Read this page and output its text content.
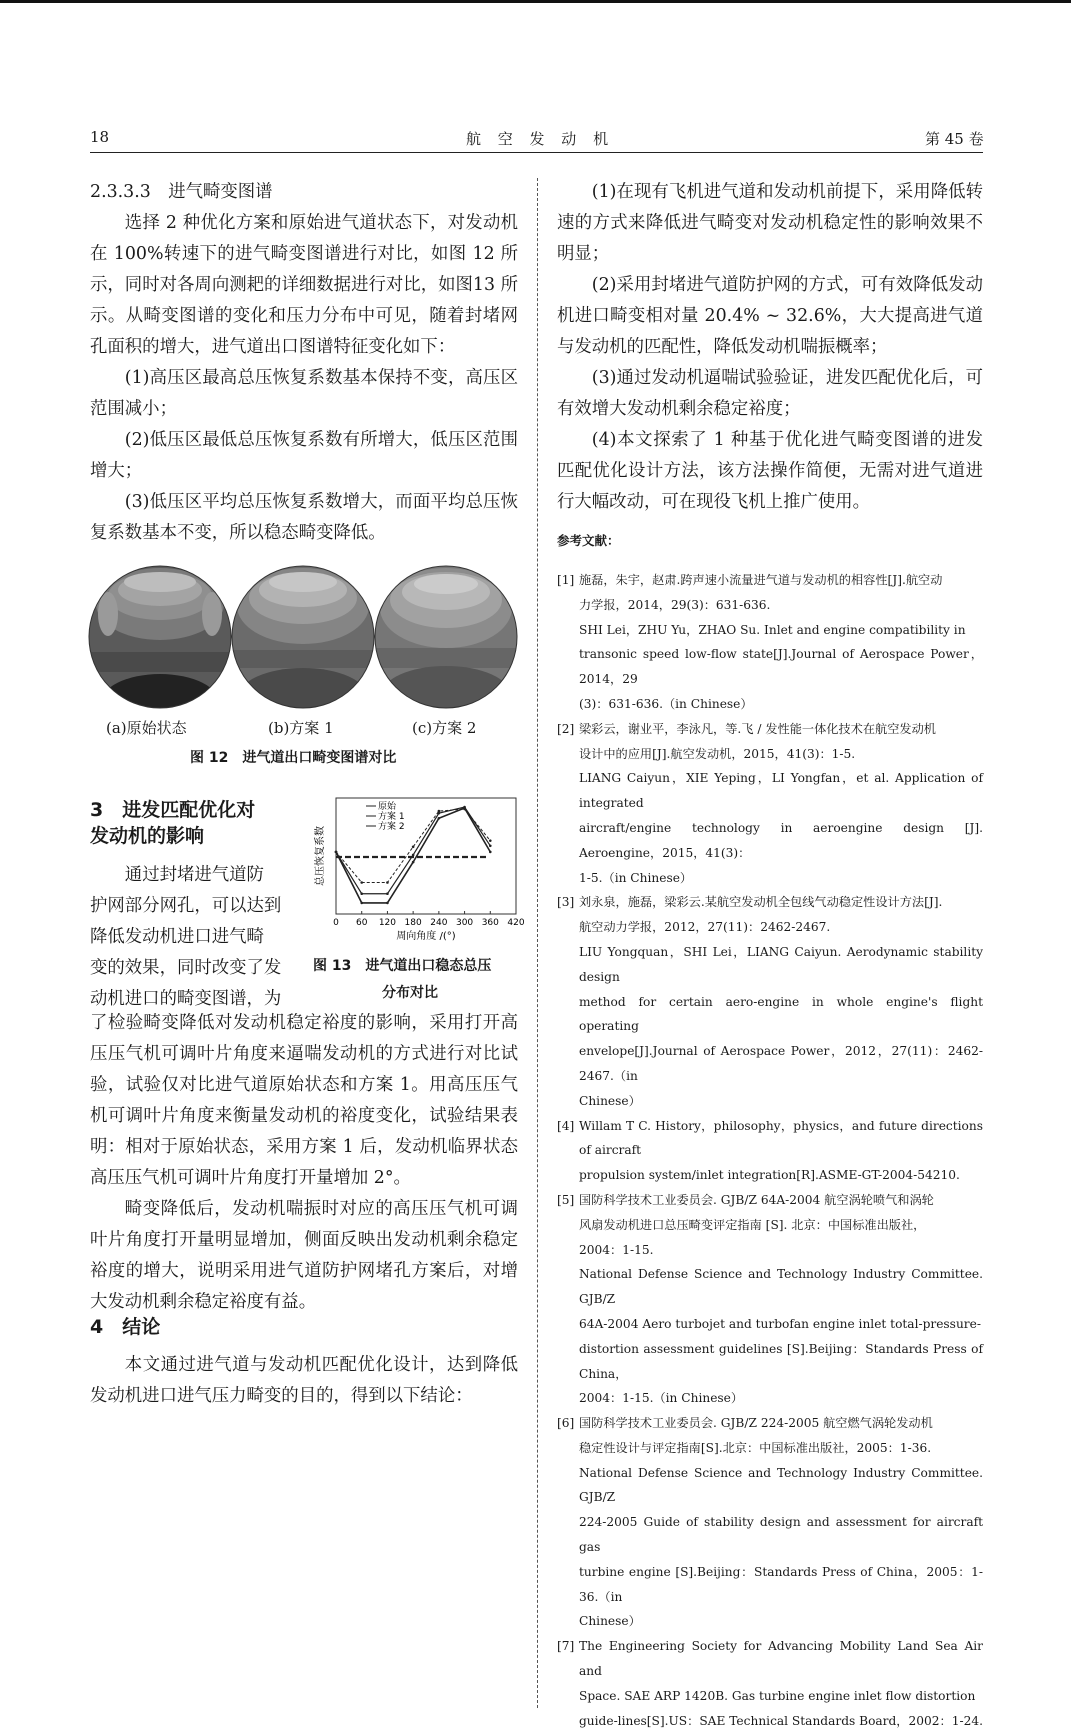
18	航 空 发 动 机	第 45 卷

2.3.3.3　进气畸变图谱

选择 2 种优化方案和原始进气道状态下，对发动机在 100%转速下的进气畸变图谱进行对比，如图 12 所示，同时对各周向测耙的详细数据进行对比，如图13 所示。从畸变图谱的变化和压力分布中可见，随着封堵网孔面积的增大，进气道出口图谱特征变化如下：

(1)高压区最高总压恢复系数基本保持不变，高压区范围减小；

(2)低压区最低总压恢复系数有所增大，低压区范围增大；

(3)低压区平均总压恢复系数增大，而面平均总压恢复系数基本不变，所以稳态畸变降低。

(a)原始状态	(b)方案 1	(c)方案 2
图 12　进气道出口畸变图谱对比
3　进发匹配优化对
发动机的影响
通过封堵进气道防
护网部分网孔，可以达到
降低发动机进口进气畸
变的效果，同时改变了发
动机进口的畸变图谱，为
总压恢复系数
周向角度 /(°)
0 60 120 180 240 300 360 420
原始
方案 1
方案 2
图 13　进气道出口稳态总压
分布对比

了检验畸变降低对发动机稳定裕度的影响，采用打开高压压气机可调叶片角度来逼喘发动机的方式进行对比试验，试验仅对比进气道原始状态和方案 1。用高压压气机可调叶片角度来衡量发动机的裕度变化，试验结果表明：相对于原始状态，采用方案 1 后，发动机临界状态高压压气机可调叶片角度打开量增加 2°。

畸变降低后，发动机喘振时对应的高压压气机可调叶片角度打开量明显增加，侧面反映出发动机剩余稳定裕度的增大，说明采用进气道防护网堵孔方案后，对增大发动机剩余稳定裕度有益。

4　结论

本文通过进气道与发动机匹配优化设计，达到降低发动机进口进气压力畸变的目的，得到以下结论：

(1)在现有飞机进气道和发动机前提下，采用降低转速的方式来降低进气畸变对发动机稳定性的影响效果不明显；

(2)采用封堵进气道防护网的方式，可有效降低发动机进口畸变相对量 20.4% ~ 32.6%，大大提高进气道与发动机的匹配性，降低发动机喘振概率；

(3)通过发动机逼喘试验验证，进发匹配优化后，可有效增大发动机剩余稳定裕度；

(4)本文探索了 1 种基于优化进气畸变图谱的进发匹配优化设计方法，该方法操作简便，无需对进气道进行大幅改动，可在现役飞机上推广使用。

参考文献：
[1] 施磊，朱宇，赵肃.跨声速小流量进气道与发动机的相容性[J].航空动
力学报，2014，29(3)：631-636.
SHI Lei，ZHU Yu，ZHAO Su. Inlet and engine compatibility in
transonic speed low-flow state[J].Journal of Aerospace Power，2014，29
(3)：631-636.（in Chinese）
[2] 梁彩云，谢业平，李泳凡，等.飞 / 发性能一体化技术在航空发动机
设计中的应用[J].航空发动机，2015，41(3)：1-5.
LIANG Caiyun，XIE Yeping，LI Yongfan，et al. Application of integrated
aircraft/engine technology in aeroengine design [J]. Aeroengine，2015，41(3)：
1-5.（in Chinese）
[3] 刘永泉，施磊，梁彩云.某航空发动机全包线气动稳定性设计方法[J].
航空动力学报，2012，27(11)：2462-2467.
LIU Yongquan，SHI Lei，LIANG Caiyun. Aerodynamic stability design
method for certain aero-engine in whole engine's flight operating
envelope[J].Journal of Aerospace Power，2012，27(11)：2462-2467.（in
Chinese）
[4] Willam T C. History，philosophy，physics，and future directions of aircraft
propulsion system/inlet integration[R].ASME-GT-2004-54210.
[5] 国防科学技术工业委员会. GJB/Z 64A-2004 航空涡轮喷气和涡轮
风扇发动机进口总压畸变评定指南 [S]. 北京：中国标准出版社，
2004：1-15.
National Defense Science and Technology Industry Committee. GJB/Z
64A-2004 Aero turbojet and turbofan engine inlet total-pressure-
distortion assessment guidelines [S].Beijing：Standards Press of China，
2004：1-15.（in Chinese）
[6] 国防科学技术工业委员会. GJB/Z 224-2005 航空燃气涡轮发动机
稳定性设计与评定指南[S].北京：中国标准出版社，2005：1-36.
National Defense Science and Technology Industry Committee. GJB/Z
224-2005 Guide of stability design and assessment for aircraft gas
turbine engine [S].Beijing：Standards Press of China，2005：1-36.（in
Chinese）
[7] The Engineering Society for Advancing Mobility Land Sea Air and
Space. SAE ARP 1420B. Gas turbine engine inlet flow distortion
guide-lines[S].US：SAE Technical Standards Board，2002：1-24.
